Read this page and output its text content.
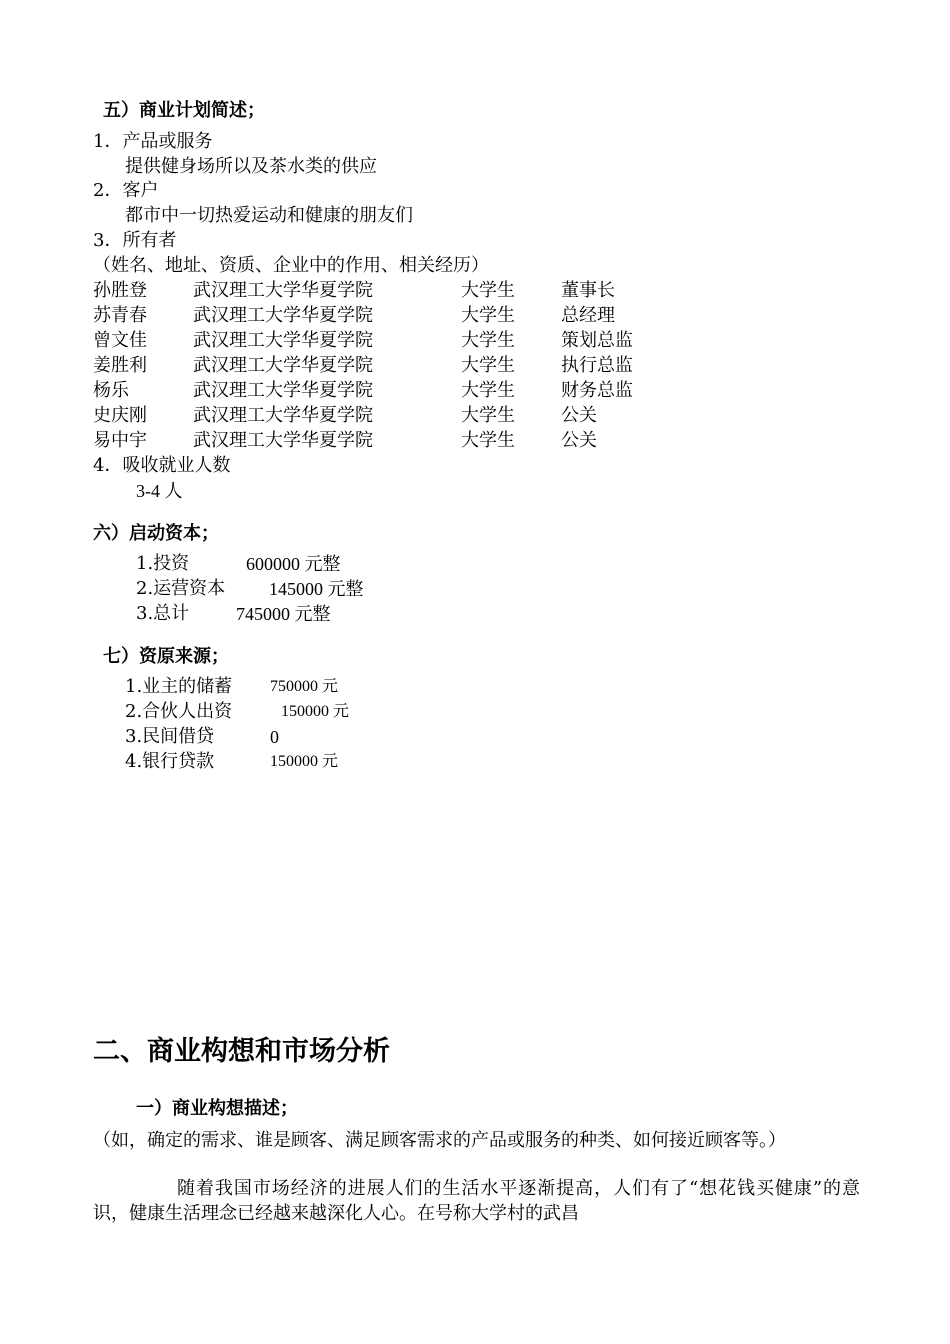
五）商业计划简述；
1．产品或服务
提供健身场所以及茶水类的供应
2．客户
都市中一切热爱运动和健康的朋友们
3．所有者
（姓名、地址、资质、企业中的作用、相关经历）
孙胜登	武汉理工大学华夏学院	大学生	董事长
苏青春	武汉理工大学华夏学院	大学生	总经理
曾文佳	武汉理工大学华夏学院	大学生	策划总监
姜胜利	武汉理工大学华夏学院	大学生	执行总监
杨乐	武汉理工大学华夏学院	大学生	财务总监
史庆刚	武汉理工大学华夏学院	大学生	公关
易中宇	武汉理工大学华夏学院	大学生	公关
4．吸收就业人数
3-4 人
六）启动资本；
1.投资	600000 元整
2.运营资本 145000 元整
3.总计	745000 元整
七）资原来源；
1.业主的储蓄 750000 元
2.合伙人出资	150000 元
3.民间借贷	0
4.银行贷款	150000 元
二、商业构想和市场分析
一）商业构想描述；
（如，确定的需求、谁是顾客、满足顾客需求的产品或服务的种类、如何接近顾客等。）
随着我国市场经济的进展人们的生活水平逐渐提高，人们有了“想花钱买健康”的意识，健康生活理念已经越来越深化人心。在号称大学村的武昌
